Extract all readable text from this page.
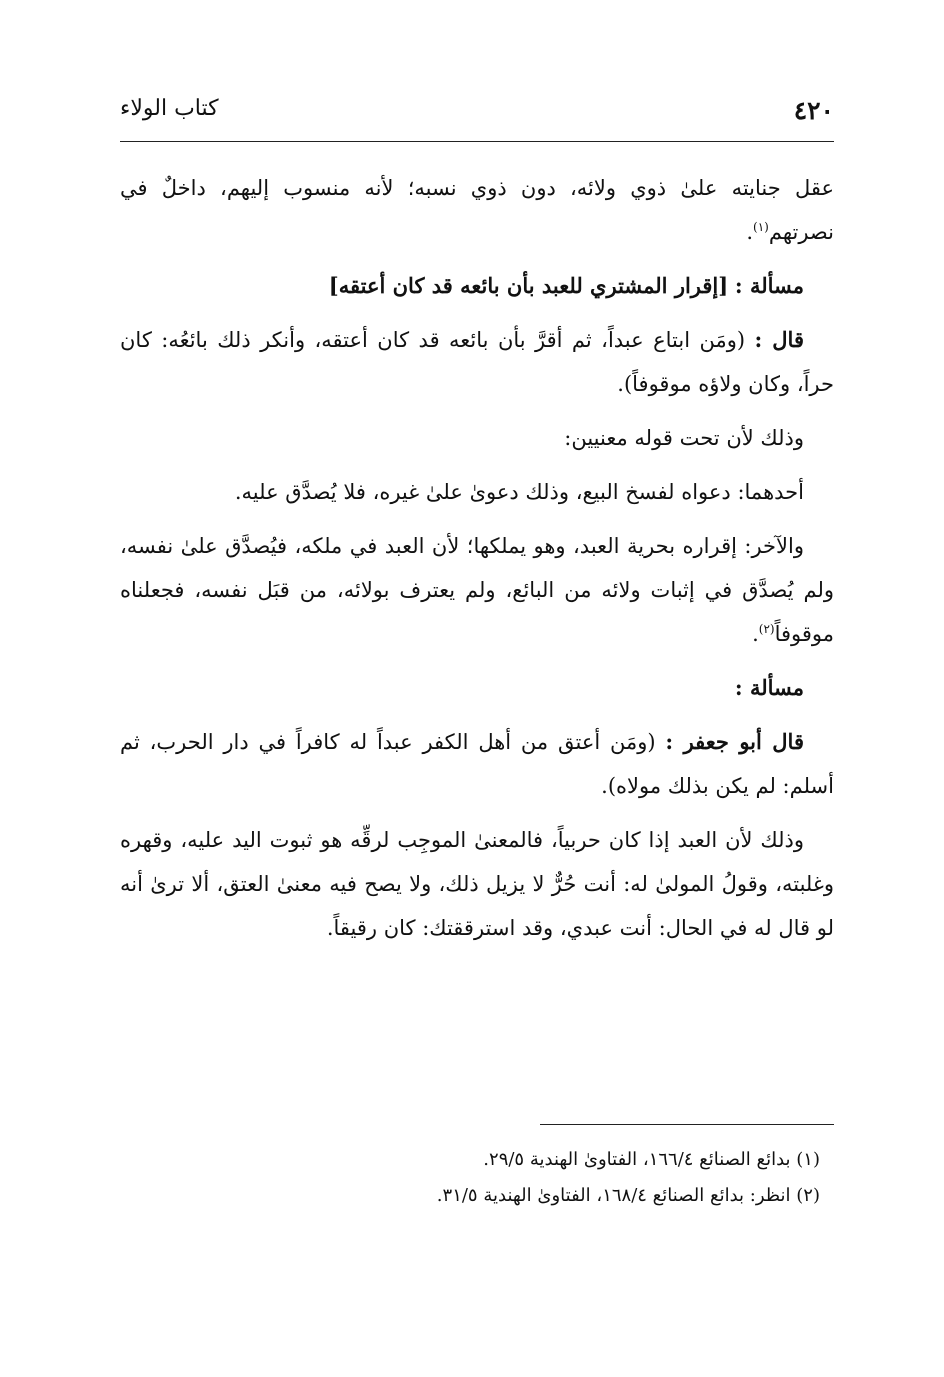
٤٢٠
كتاب الولاء

عقل جنايته علىٰ ذوي ولائه، دون ذوي نسبه؛ لأنه منسوب إليهم، داخلٌ في نصرتهم$^{(١)}$.

مسألة : [إقرار المشتري للعبد بأن بائعه قد كان أعتقه]

قال : (ومَن ابتاع عبداً، ثم أقرَّ بأن بائعه قد كان أعتقه، وأنكر ذلك بائعُه: كان حراً، وكان ولاؤه موقوفاً).

وذلك لأن تحت قوله معنيين:

أحدهما: دعواه لفسخ البيع، وذلك دعوىٰ علىٰ غيره، فلا يُصدَّق عليه.

والآخر: إقراره بحرية العبد، وهو يملكها؛ لأن العبد في ملكه، فيُصدَّق علىٰ نفسه، ولم يُصدَّق في إثبات ولائه من البائع، ولم يعترف بولائه، من قبَل نفسه، فجعلناه موقوفاً$^{(٢)}$.

مسألة :

قال أبو جعفر : (ومَن أعتق من أهل الكفر عبداً له كافراً في دار الحرب، ثم أسلم: لم يكن بذلك مولاه).

وذلك لأن العبد إذا كان حربياً، فالمعنىٰ الموجِب لرقِّه هو ثبوت اليد عليه، وقهره وغلبته، وقولُ المولىٰ له: أنت حُرٌّ لا يزيل ذلك، ولا يصح فيه معنىٰ العتق، ألا ترىٰ أنه لو قال له في الحال: أنت عبدي، وقد استرققتك: كان رقيقاً.

(١) بدائع الصنائع ١٦٦/٤، الفتاوىٰ الهندية ٢٩/٥.

(٢) انظر: بدائع الصنائع ١٦٨/٤، الفتاوىٰ الهندية ٣١/٥.
